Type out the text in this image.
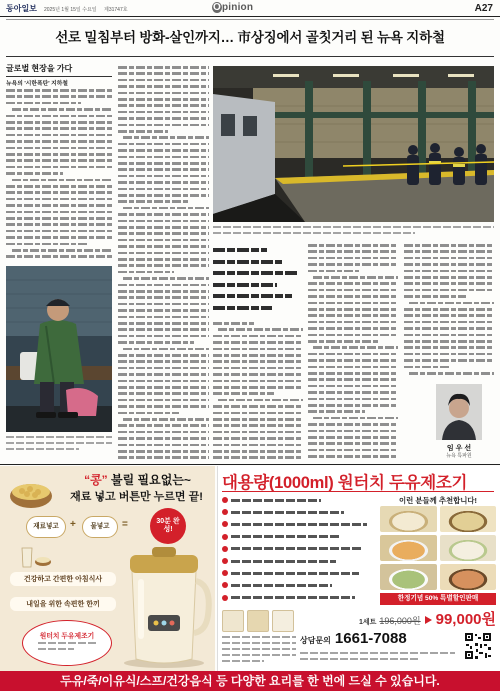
동아일보 2025년 1월 15일 수요일 제31747호	Opinion	A27
선로 밀침부터 방화-살인까지… 市상징에서 골칫거리 된 뉴욕 지하철
글로벌 현장을 가다
뉴욕의 '시한폭탄' 지하철
임 우 선
뉴욕 특파원
“콩” 불릴 필요없는~
재료 넣고 버튼만 누르면 끝!
재료넣고	+	물넣고	=	30분 완성!
건강하고 간편한 아침식사
내일을 위한 속편한 한끼
원터치 두유제조기
대용량(1000ml) 원터치 두유제조기
이런 분들께 추천합니다!
한정기념 50% 특별할인판매
1세트 196,000원 99,000원
상담문의 1661-7088
두유/죽/이유식/스프/건강음식 등 다양한 요리를 한 번에 드실 수 있습니다.
